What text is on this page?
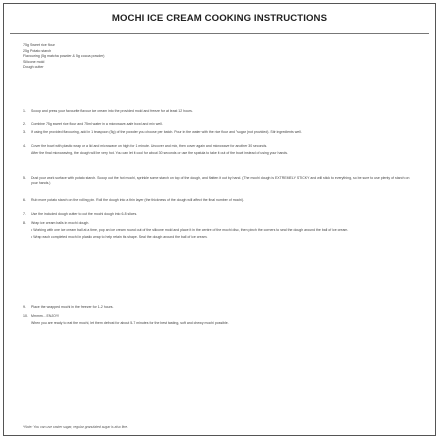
MOCHI ICE CREAM COOKING INSTRUCTIONS
75g Sweet rice flour
25g Potato starch
Flavouring (5g matcha powder & 5g cocoa powder)
Silicone mold
Dough cutter
1.	Scoop and press your favourite flavour ice cream into the provided mold and freeze for at least 12 hours.
2.	Combine 75g sweet rice flour and 75ml water in a microwave-safe bowl and mix well.
3.	If using the provided flavouring, add in 1 teaspoon (5g) of the powder you choose per batch. Pour in the water with the rice flour and "sugar (not provided). Stir ingredients well.
4.	Cover the bowl with plastic wrap or a lid and microwave on high for 1 minute. Uncover and mix, then cover again and microwave for another 30 seconds.
After the final microwaving, the dough will be very hot. You can let it cool for about 30 seconds or use the spatula to take it out of the bowl instead of using your hands.
5.	Dust your work surface with potato starch. Scoop out the hot mochi, sprinkle some starch on top of the dough, and flatten it out by hand. (The mochi dough is EXTREMELY STICKY and will stick to everything, so be sure to use plenty of starch on your hands.)
6.	Rub more potato starch on the rolling pin. Roll the dough into a thin layer (the thickness of the dough will affect the final number of mochi).
7.	Use the included dough cutter to cut the mochi dough into 6-8 slices.
8.	Wrap ice cream balls in mochi dough.
• Working with one ice cream ball at a time, pop an ice cream round out of the silicone mold and place it in the centre of the mochi disc, then pinch the corners to seal the dough around the ball of ice cream.
• Wrap each completed mochi in plastic wrap to help retain its shape. Seal the dough around the ball of ice cream.
9.	Place the wrapped mochi in the freezer for 1-2 hours.
10. Mmmm... ENJOY!
When you are ready to eat the mochi, let them defrost for about 5-7 minutes for the best tasting, soft and chewy mochi possible.
*Note: You can use caster sugar, regular granulated sugar is also fine.
